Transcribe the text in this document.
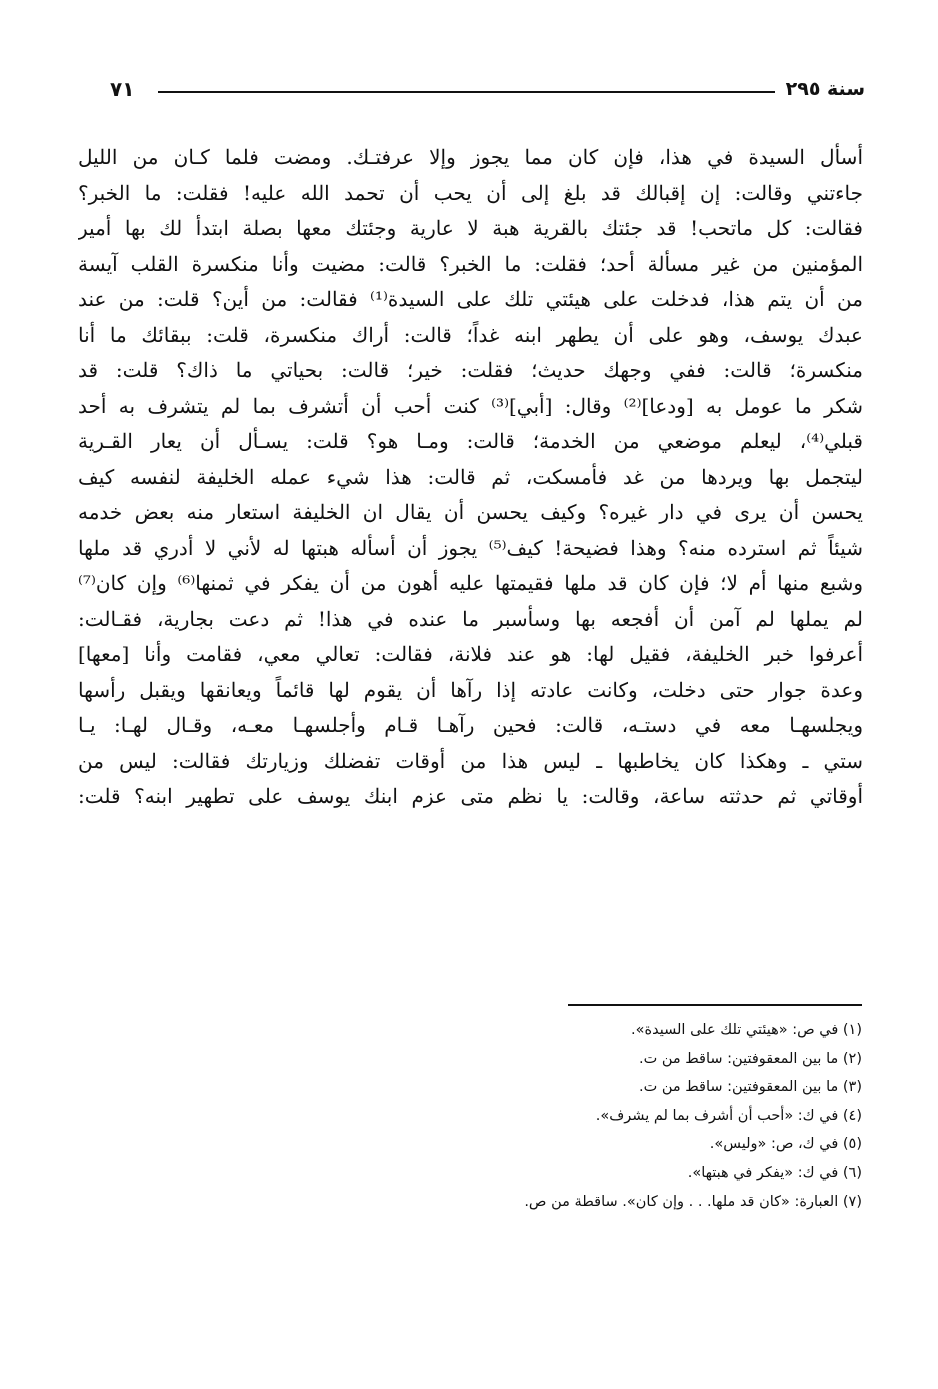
سنة ٢٩٥
٧١
أسأل السيدة في هذا، فإن كان مما يجوز وإلا عرفتـك. ومضت فلما كـان من الليل
جاءتني وقالت: إن إقبالك قد بلغ إلى أن يحب أن تحمد الله عليه! فقلت: ما الخبر؟
فقالت: كل ماتحب! قد جئتك بالقرية هبة لا عارية وجئتك معها بصلة ابتدأ لك بها أمير
المؤمنين من غير مسألة أحد؛ فقلت: ما الخبر؟ قالت: مضيت وأنا منكسرة القلب آيسة
من أن يتم هذا، فدخلت على هيئتي تلك على السيدة⁽¹⁾ فقالت: من أين؟ قلت: من عند
عبدك يوسف، وهو على أن يطهر ابنه غداً؛ قالت: أراك منكسرة، قلت: ببقائك ما أنا
منكسرة؛ قالت: ففي وجهك حديث؛ فقلت: خير؛ قالت: بحياتي ما ذاك؟ قلت: قد
شكر ما عومل به [ودعا]⁽²⁾ وقال: [أبي]⁽³⁾ كنت أحب أن أتشرف بما لم يتشرف به أحد
قبلي⁽⁴⁾، ليعلم موضعي من الخدمة؛ قالت: ومـا هو؟ قلت: يسـأل أن يعار القـرية
ليتجمل بها ويردها من غد فأمسكت، ثم قالت: هذا شيء عمله الخليفة لنفسه كيف
يحسن أن يرى في دار غيره؟ وكيف يحسن أن يقال ان الخليفة استعار منه بعض خدمه
شيئاً ثم استرده منه؟ وهذا فضيحة! كيف⁽⁵⁾ يجوز أن أسأله هبتها له لأني لا أدري قد ملها
وشبع منها أم لا؛ فإن كان قد ملها فقيمتها عليه أهون من أن يفكر في ثمنها⁽⁶⁾ وإن كان⁽⁷⁾
لم يملها لم آمن أن أفجعه بها وسأسبر ما عنده في هذا! ثم دعت بجارية، فقـالت:
أعرفوا خبر الخليفة، فقيل لها: هو عند فلانة، فقالت: تعالي معي، فقامت وأنا [معها]
وعدة جوار حتى دخلت، وكانت عادته إذا رآها أن يقوم لها قائماً ويعانقها ويقبل رأسها
ويجلسهـا معه في دستـه، قالت: فحين رآهـا قـام وأجلسهـا معـه، وقـال لهـا: يـا
ستي ـ وهكذا كان يخاطبها ـ ليس هذا من أوقات تفضلك وزيارتك فقالت: ليس من
أوقاتي ثم حدثته ساعة، وقالت: يا نظم متى عزم ابنك يوسف على تطهير ابنه؟ قلت:
(١) في ص: «هيئتي تلك على السيدة».
(٢) ما بين المعقوفتين: ساقط من ت.
(٣) ما بين المعقوفتين: ساقط من ت.
(٤) في ك: «أحب أن أشرف بما لم يشرف».
(٥) في ك، ص: «وليس».
(٦) في ك: «يفكر في هبتها».
(٧) العبارة: «كان قد ملها. . . وإن كان». ساقطة من ص.
